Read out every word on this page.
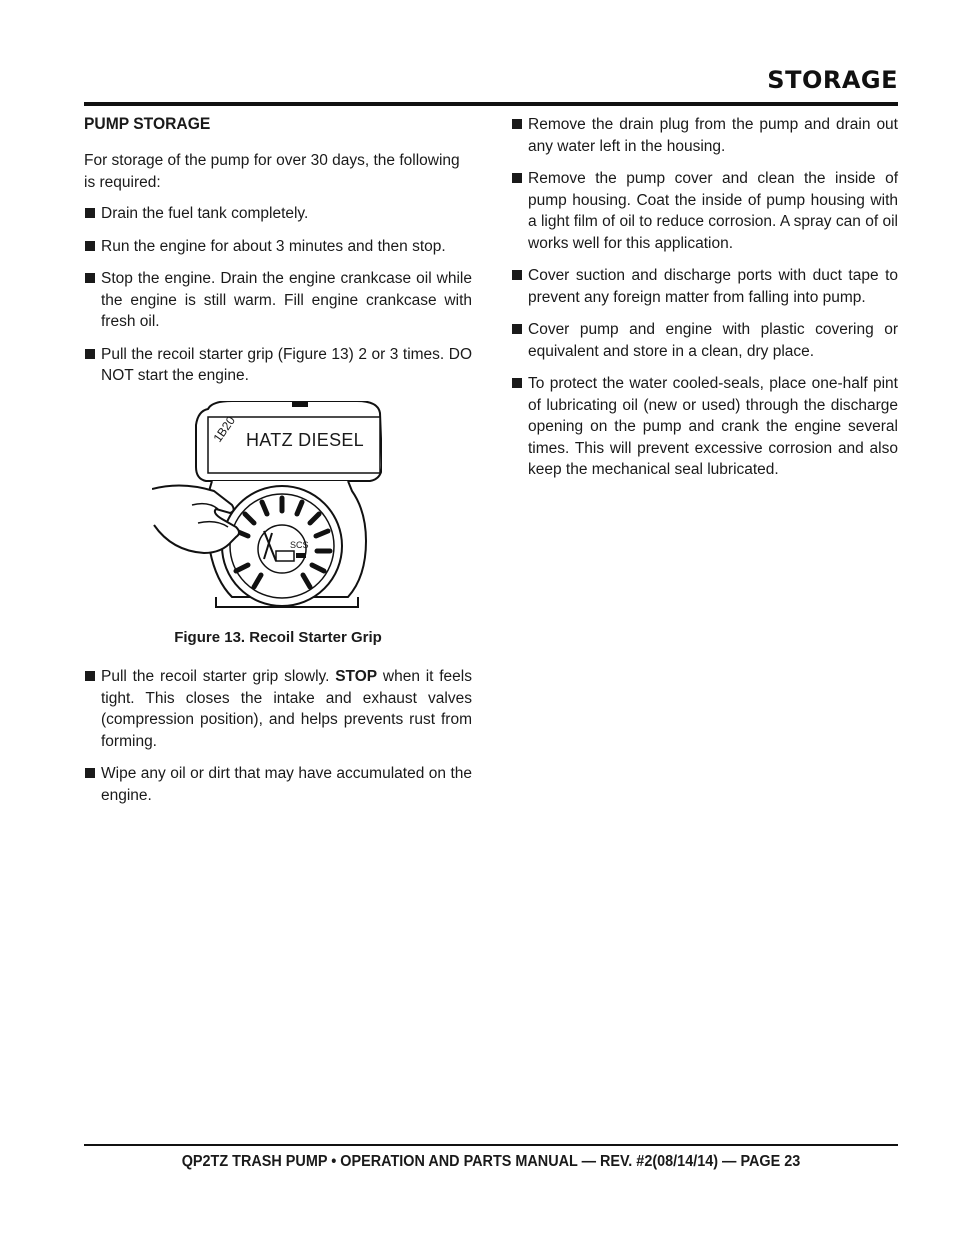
STORAGE
PUMP STORAGE

For storage of the pump for over 30 days, the following is required:

Drain the fuel tank completely.
Run the engine for about 3 minutes and then stop.
Stop the engine. Drain the engine crankcase oil while the engine is still warm. Fill engine crankcase with fresh oil.
Pull the recoil starter grip (Figure 13) 2 or 3 times. DO NOT start the engine.
HATZ DIESEL
1B20
SCS
Figure 13. Recoil Starter Grip
Pull the recoil starter grip slowly. STOP when it feels tight. This closes the intake and exhaust valves (compression position), and helps prevents rust from forming.
Wipe any oil or dirt that may have accumulated on the engine.
Remove the drain plug from the pump and drain out any water left in the housing.
Remove the pump cover and clean the inside of pump housing. Coat the inside of pump housing with a light film of oil to reduce corrosion. A spray can of oil works well for this application.
Cover suction and discharge ports with duct tape to prevent any foreign matter from falling into pump.
Cover pump and engine with plastic covering or equivalent and store in a clean, dry place.
To protect the water cooled-seals, place one-half pint of lubricating oil (new or used) through the discharge opening on the pump and crank the engine several times. This will prevent excessive corrosion and also keep the mechanical seal lubricated.
QP2TZ TRASH PUMP • OPERATION AND PARTS MANUAL — REV. #2(08/14/14) — PAGE 23
